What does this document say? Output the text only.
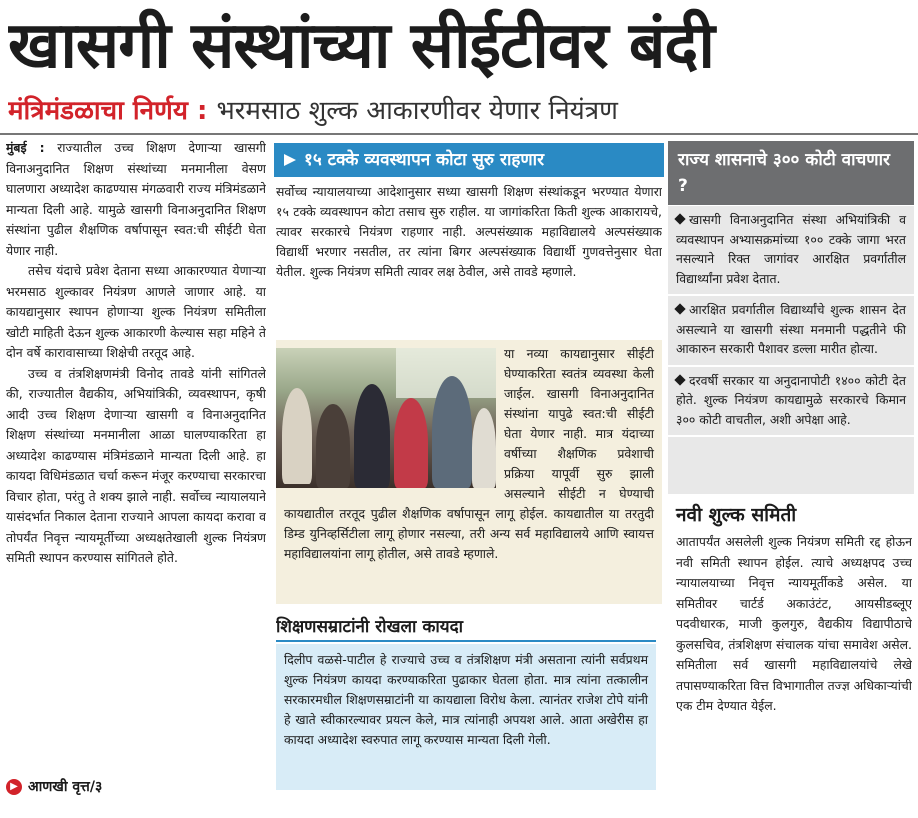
खासगी संस्थांच्या सीईटीवर बंदी
मंत्रिमंडळाचा निर्णय : भरमसाठ शुल्क आकारणीवर येणार नियंत्रण

मुंबई : राज्यातील उच्च शिक्षण देणाऱ्या खासगी विनाअनुदानित शिक्षण संस्थांच्या मनमानीला वेसण घालणारा अध्यादेश काढण्यास मंगळवारी राज्य मंत्रिमंडळाने मान्यता दिली आहे. यामुळे खासगी विनाअनुदानित शिक्षण संस्थांना पुढील शैक्षणिक वर्षापासून स्वत:ची सीईटी घेता येणार नाही.

तसेच यंदाचे प्रवेश देताना सध्या आकारण्यात येणाऱ्या भरमसाठ शुल्कावर नियंत्रण आणले जाणार आहे. या कायद्यानुसार स्थापन होणाऱ्या शुल्क नियंत्रण समितीला खोटी माहिती देऊन शुल्क आकारणी केल्यास सहा महिने ते दोन वर्षे कारावासाच्या शिक्षेची तरतूद आहे.

उच्च व तंत्रशिक्षणमंत्री विनोद तावडे यांनी सांगितले की, राज्यातील वैद्यकीय, अभियांत्रिकी, व्यवस्थापन, कृषी आदी उच्च शिक्षण देणाऱ्या खासगी व विनाअनुदानित शिक्षण संस्थांच्या मनमानीला आळा घालण्याकरिता हा अध्यादेश काढण्यास मंत्रिमंडळाने मान्यता दिली आहे. हा कायदा विधिमंडळात चर्चा करून मंजूर करण्याचा सरकारचा विचार होता, परंतु ते शक्य झाले नाही. सर्वोच्च न्यायालयाने यासंदर्भात निकाल देताना राज्याने आपला कायदा करावा व तोपर्यंत निवृत्त न्यायमूर्तीच्या अध्यक्षतेखाली शुल्क नियंत्रण समिती स्थापन करण्यास सांगितले होते.

▶ आणखी वृत्त/३
१५ टक्के व्यवस्थापन कोटा सुरु राहणार
सर्वोच्च न्यायालयाच्या आदेशानुसार सध्या खासगी शिक्षण संस्थांकडून भरण्यात येणारा १५ टक्के व्यवस्थापन कोटा तसाच सुरु राहील. या जागांकरिता किती शुल्क आकारायचे, त्यावर सरकारचे नियंत्रण राहणार नाही. अल्पसंख्याक महाविद्यालये अल्पसंख्याक विद्यार्थी भरणार नसतील, तर त्यांना बिगर अल्पसंख्याक विद्यार्थी गुणवत्तेनुसार घेता येतील. शुल्क नियंत्रण समिती त्यावर लक्ष ठेवील, असे तावडे म्हणाले.
या नव्या कायद्यानुसार सीईटी घेण्याकरिता स्वतंत्र व्यवस्था केली जाईल. खासगी विनाअनुदानित संस्थांना यापुढे स्वत:ची सीईटी घेता येणार नाही. मात्र यंदाच्या वर्षीच्या शैक्षणिक प्रवेशाची प्रक्रिया यापूर्वी सुरु झाली असल्याने सीईटी न घेण्याची कायद्यातील तरतूद पुढील शैक्षणिक वर्षापासून लागू होईल. कायद्यातील या तरतुदी डिम्ड युनिव्हर्सिटीला लागू होणार नसल्या, तरी अन्य सर्व महाविद्यालये आणि स्वायत्त महाविद्यालयांना लागू होतील, असे तावडे म्हणाले.
शिक्षणसम्राटांनी रोखला कायदा
दिलीप वळसे-पाटील हे राज्याचे उच्च व तंत्रशिक्षण मंत्री असताना त्यांनी सर्वप्रथम शुल्क नियंत्रण कायदा करण्याकरिता पुढाकार घेतला होता. मात्र त्यांना तत्कालीन सरकारमधील शिक्षणसम्राटांनी या कायद्याला विरोध केला. त्यानंतर राजेश टोपे यांनी हे खाते स्वीकारल्यावर प्रयत्न केले, मात्र त्यांनाही अपयश आले. आता अखेरीस हा कायदा अध्यादेश स्वरुपात लागू करण्यास मान्यता दिली गेली.
राज्य शासनाचे ३०० कोटी वाचणार ?
खासगी विनाअनुदानित संस्था अभियांत्रिकी व व्यवस्थापन अभ्यासक्रमांच्या १०० टक्के जागा भरत नसल्याने रिक्त जागांवर आरक्षित प्रवर्गातील विद्यार्थ्यांना प्रवेश देतात.
आरक्षित प्रवर्गातील विद्यार्थ्यांचे शुल्क शासन देत असल्याने या खासगी संस्था मनमानी पद्धतीने फी आकारुन सरकारी पैशावर डल्ला मारीत होत्या.
दरवर्षी सरकार या अनुदानापोटी १४०० कोटी देत होते. शुल्क नियंत्रण कायद्यामुळे सरकारचे किमान ३०० कोटी वाचतील, अशी अपेक्षा आहे.
नवी शुल्क समिती
आतापर्यंत असलेली शुल्क नियंत्रण समिती रद्द होऊन नवी समिती स्थापन होईल. त्याचे अध्यक्षपद उच्च न्यायालयाच्या निवृत्त न्यायमूर्तीकडे असेल. या समितीवर चार्टर्ड अकाउंटंट, आयसीडब्लूए पदवीधारक, माजी कुलगुरु, वैद्यकीय विद्यापीठाचे कुलसचिव, तंत्रशिक्षण संचालक यांचा समावेश असेल. समितीला सर्व खासगी महाविद्यालयांचे लेखे तपासण्याकरिता वित्त विभागातील तज्ज्ञ अधिकाऱ्यांची एक टीम देण्यात येईल.
